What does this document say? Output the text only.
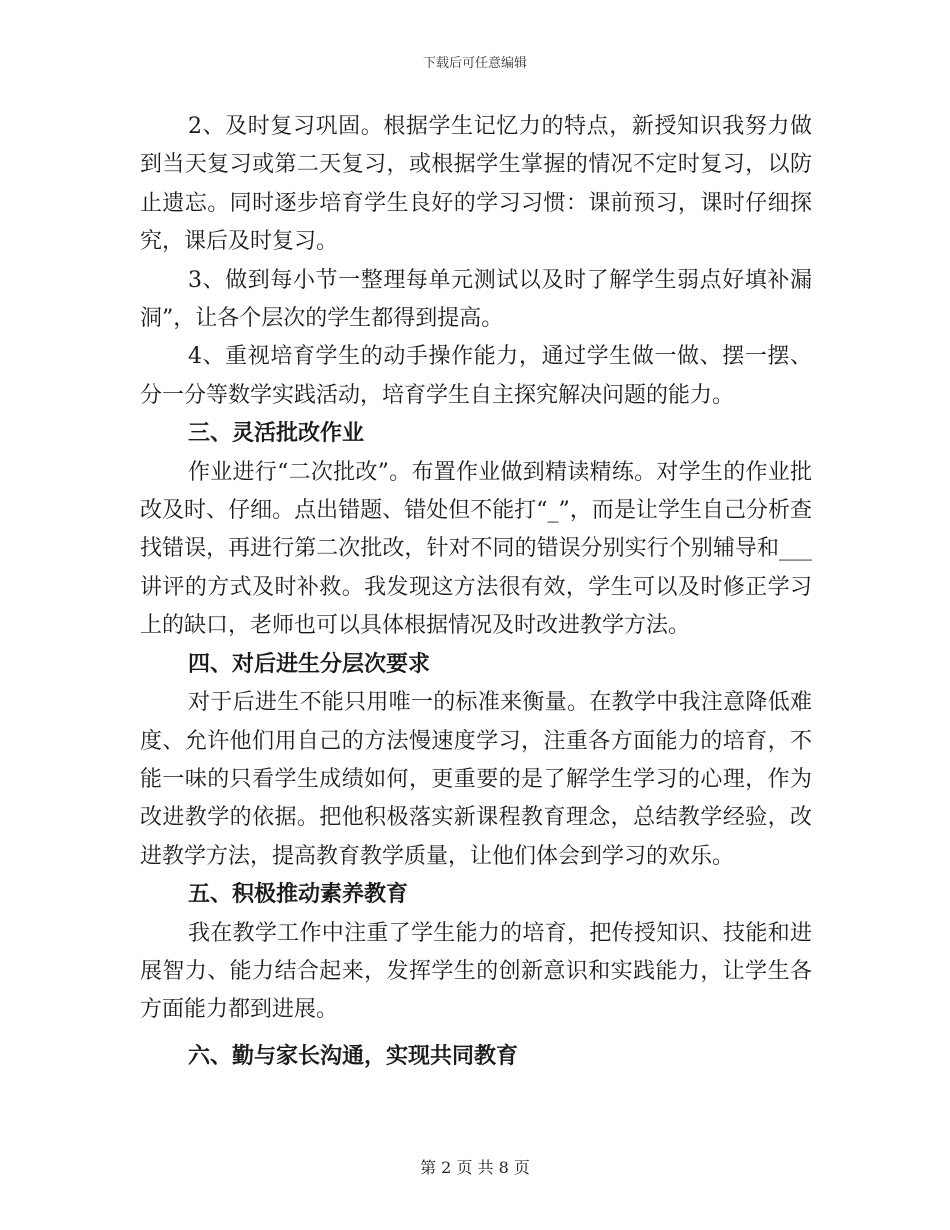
下载后可任意编辑

2、及时复习巩固。根据学生记忆力的特点，新授知识我努力做到当天复习或第二天复习，或根据学生掌握的情况不定时复习，以防止遗忘。同时逐步培育学生良好的学习习惯：课前预习，课时仔细探究，课后及时复习。

3、做到每小节一整理每单元测试以及时了解学生弱点好填补漏洞”，让各个层次的学生都得到提高。

4、重视培育学生的动手操作能力，通过学生做一做、摆一摆、分一分等数学实践活动，培育学生自主探究解决问题的能力。

三、灵活批改作业

作业进行“二次批改”。布置作业做到精读精练。对学生的作业批改及时、仔细。点出错题、错处但不能打“_”，而是让学生自己分析查找错误，再进行第二次批改，针对不同的错误分别实行个别辅导和___讲评的方式及时补救。我发现这方法很有效，学生可以及时修正学习上的缺口，老师也可以具体根据情况及时改进教学方法。

四、对后进生分层次要求

对于后进生不能只用唯一的标准来衡量。在教学中我注意降低难度、允许他们用自己的方法慢速度学习，注重各方面能力的培育，不能一味的只看学生成绩如何，更重要的是了解学生学习的心理，作为改进教学的依据。把他积极落实新课程教育理念，总结教学经验，改进教学方法，提高教育教学质量，让他们体会到学习的欢乐。

五、积极推动素养教育

我在教学工作中注重了学生能力的培育，把传授知识、技能和进展智力、能力结合起来，发挥学生的创新意识和实践能力，让学生各方面能力都到进展。

六、勤与家长沟通，实现共同教育

第 2 页 共 8 页
